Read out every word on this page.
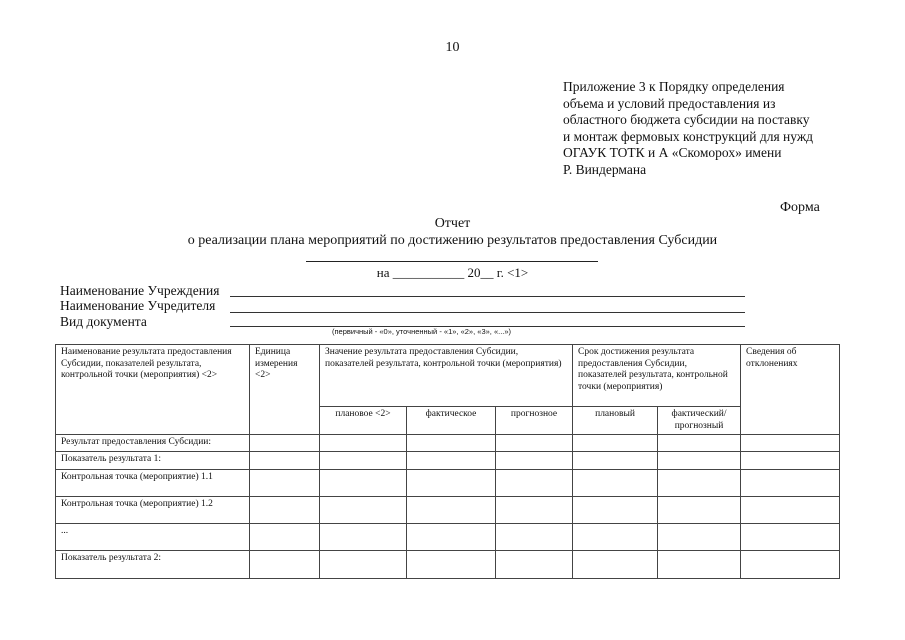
10
Приложение 3 к Порядку определения
объема и условий предоставления из
областного бюджета субсидии на поставку
и монтаж фермовых конструкций для нужд
ОГАУК ТОТК и А «Скоморох» имени
Р. Виндермана
Форма
Отчет
о реализации плана мероприятий по достижению результатов предоставления Субсидии
на ___________ 20__ г. <1>
Наименование Учреждения
Наименование Учредителя
Вид документа
(первичный - «0», уточненный - «1», «2», «3», «...»)
Наименование результата предоставления Субсидии, показателей результата, контрольной точки (мероприятия) <2>	Единица измерения <2>	Значение результата предоставления Субсидии, показателей результата, контрольной точки (мероприятия)			Срок достижения результата предоставления Субсидии, показателей результата, контрольной точки (мероприятия)		Сведения об отклонениях
		плановое <2>	фактическое	прогнозное	плановый	фактический/ прогнозный	
Результат предоставления Субсидии:							
Показатель результата 1:							
Контрольная точка (мероприятие) 1.1							
Контрольная точка (мероприятие) 1.2							
...							
Показатель результата 2:							
